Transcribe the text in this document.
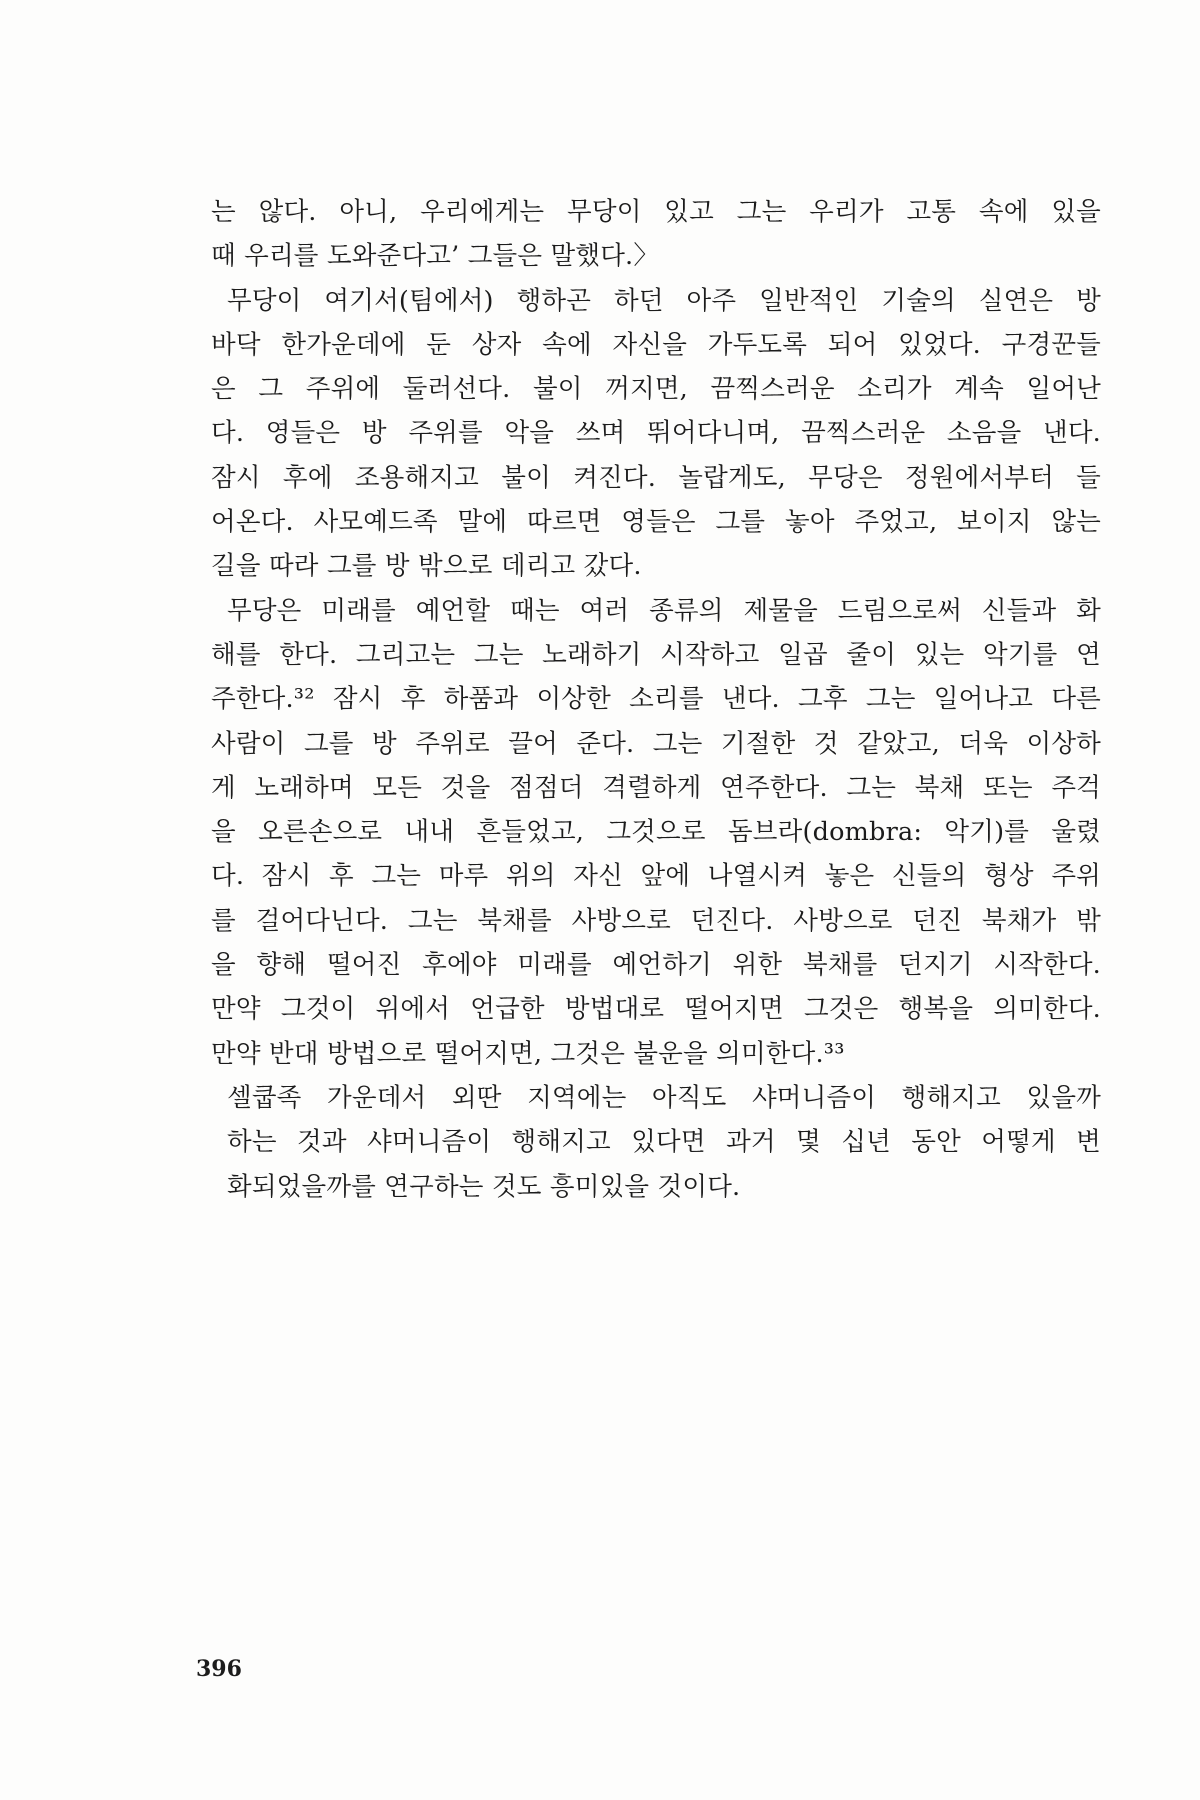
는 않다. 아니, 우리에게는 무당이 있고 그는 우리가 고통 속에 있을
때 우리를 도와준다고’ 그들은 말했다.〉
무당이 여기서(팀에서) 행하곤 하던 아주 일반적인 기술의 실연은 방
바닥 한가운데에 둔 상자 속에 자신을 가두도록 되어 있었다. 구경꾼들
은 그 주위에 둘러선다. 불이 꺼지면, 끔찍스러운 소리가 계속 일어난
다. 영들은 방 주위를 악을 쓰며 뛰어다니며, 끔찍스러운 소음을 낸다.
잠시 후에 조용해지고 불이 켜진다. 놀랍게도, 무당은 정원에서부터 들
어온다. 사모예드족 말에 따르면 영들은 그를 놓아 주었고, 보이지 않는
길을 따라 그를 방 밖으로 데리고 갔다.
무당은 미래를 예언할 때는 여러 종류의 제물을 드림으로써 신들과 화
해를 한다. 그리고는 그는 노래하기 시작하고 일곱 줄이 있는 악기를 연
주한다.³² 잠시 후 하품과 이상한 소리를 낸다. 그후 그는 일어나고 다른
사람이 그를 방 주위로 끌어 준다. 그는 기절한 것 같았고, 더욱 이상하
게 노래하며 모든 것을 점점더 격렬하게 연주한다. 그는 북채 또는 주걱
을 오른손으로 내내 흔들었고, 그것으로 돔브라(dombra: 악기)를 울렸
다. 잠시 후 그는 마루 위의 자신 앞에 나열시켜 놓은 신들의 형상 주위
를 걸어다닌다. 그는 북채를 사방으로 던진다. 사방으로 던진 북채가 밖
을 향해 떨어진 후에야 미래를 예언하기 위한 북채를 던지기 시작한다.
만약 그것이 위에서 언급한 방법대로 떨어지면 그것은 행복을 의미한다.
만약 반대 방법으로 떨어지면, 그것은 불운을 의미한다.³³
셀쿱족 가운데서 외딴 지역에는 아직도 샤머니즘이 행해지고 있을까
하는 것과 샤머니즘이 행해지고 있다면 과거 몇 십년 동안 어떻게 변
화되었을까를 연구하는 것도 흥미있을 것이다.
396
